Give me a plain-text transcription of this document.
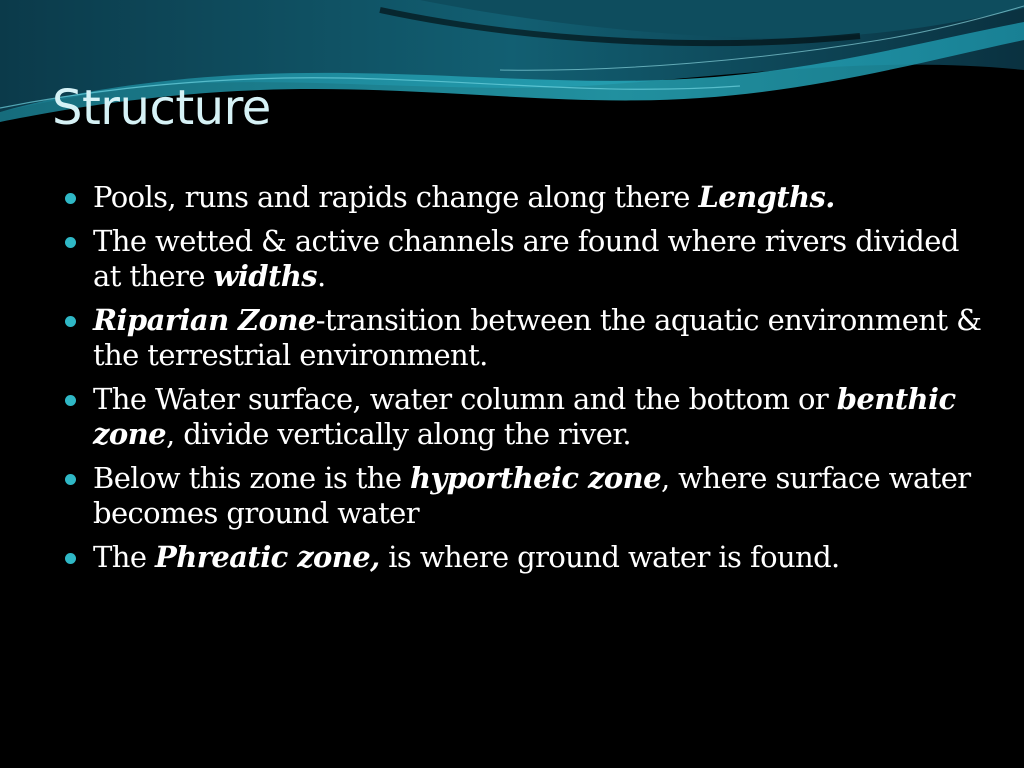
Structure
Pools, runs and rapids change along there Lengths.
The wetted & active channels are found where rivers divided at there widths.
Riparian Zone-transition between the aquatic environment & the terrestrial environment.
The Water surface, water column and the bottom or benthic zone, divide vertically along the river.
Below this zone is the hyportheic zone, where surface water becomes ground water
The Phreatic zone, is where ground water is found.
